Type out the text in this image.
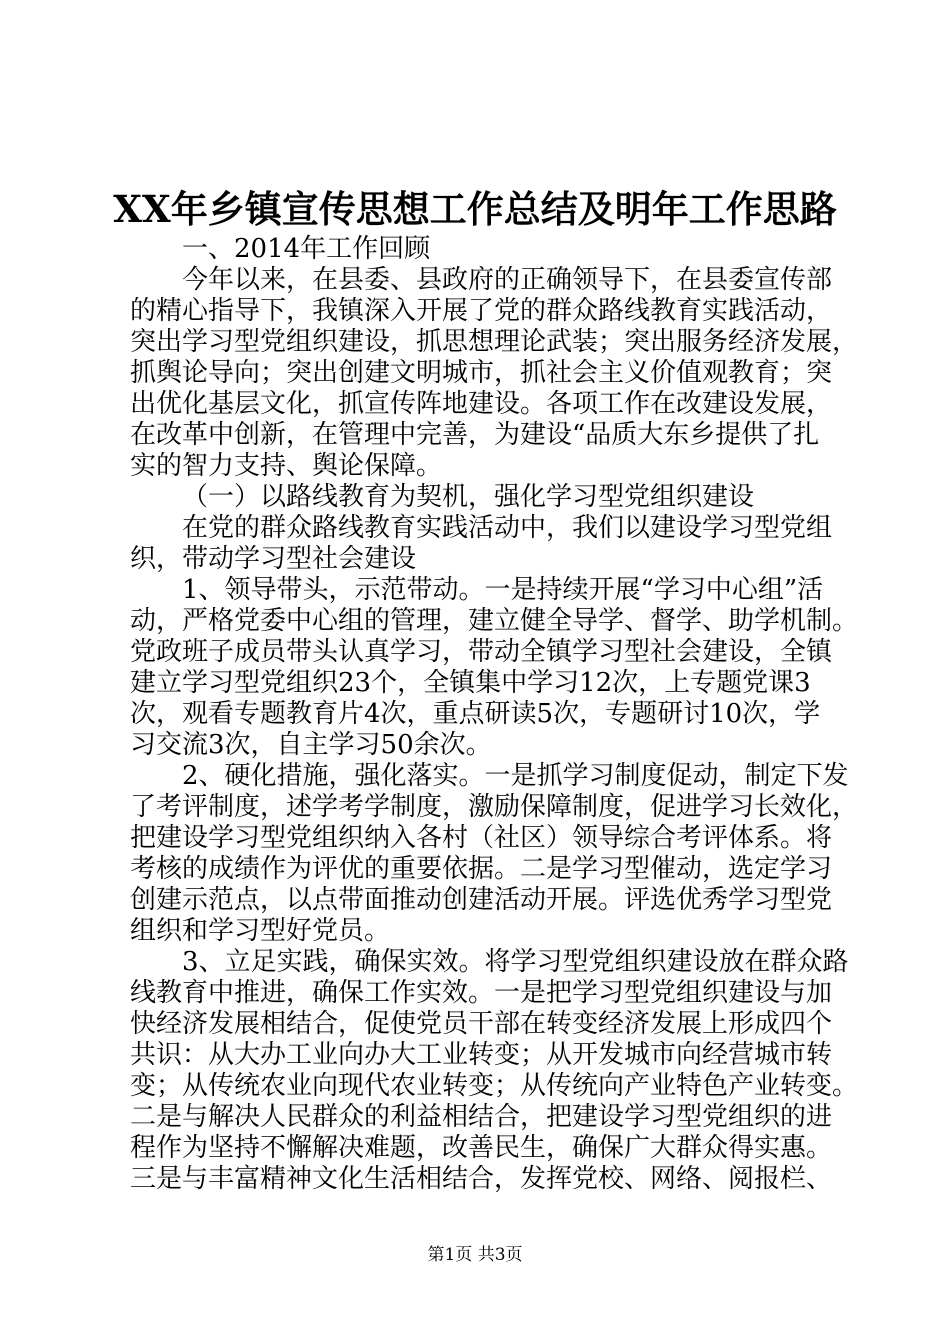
XX年乡镇宣传思想工作总结及明年工作思路
一、2014年工作回顾
今年以来，在县委、县政府的正确领导下，在县委宣传部
的精心指导下，我镇深入开展了党的群众路线教育实践活动，
突出学习型党组织建设，抓思想理论武装；突出服务经济发展，
抓舆论导向；突出创建文明城市，抓社会主义价值观教育；突
出优化基层文化，抓宣传阵地建设。各项工作在改建设发展，
在改革中创新，在管理中完善，为建设“品质大东乡提供了扎
实的智力支持、舆论保障。
（一）以路线教育为契机，强化学习型党组织建设
在党的群众路线教育实践活动中，我们以建设学习型党组
织，带动学习型社会建设
1、领导带头，示范带动。一是持续开展“学习中心组”活
动，严格党委中心组的管理，建立健全导学、督学、助学机制。
党政班子成员带头认真学习，带动全镇学习型社会建设，全镇
建立学习型党组织23个，全镇集中学习12次，上专题党课3
次，观看专题教育片4次，重点研读5次，专题研讨10次，学
习交流3次，自主学习50余次。
2、硬化措施，强化落实。一是抓学习制度促动，制定下发
了考评制度，述学考学制度，激励保障制度，促进学习长效化，
把建设学习型党组织纳入各村（社区）领导综合考评体系。将
考核的成绩作为评优的重要依据。二是学习型催动，选定学习
创建示范点，以点带面推动创建活动开展。评选优秀学习型党
组织和学习型好党员。
3、立足实践，确保实效。将学习型党组织建设放在群众路
线教育中推进，确保工作实效。一是把学习型党组织建设与加
快经济发展相结合，促使党员干部在转变经济发展上形成四个
共识：从大办工业向办大工业转变；从开发城市向经营城市转
变；从传统农业向现代农业转变；从传统向产业特色产业转变。
二是与解决人民群众的利益相结合，把建设学习型党组织的进
程作为坚持不懈解决难题，改善民生，确保广大群众得实惠。
三是与丰富精神文化生活相结合，发挥党校、网络、阅报栏、
第1页 共3页
